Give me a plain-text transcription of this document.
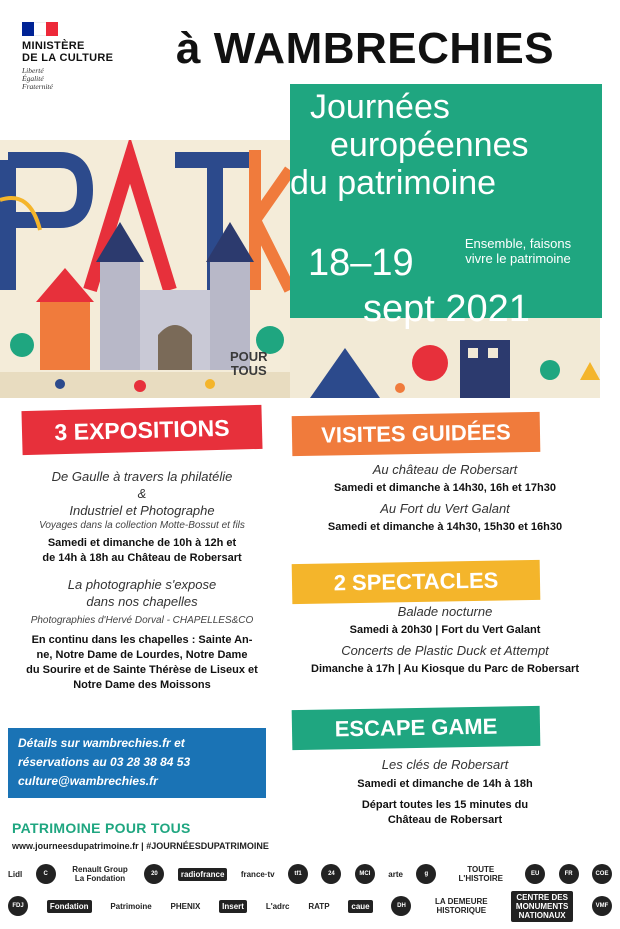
MINISTÈRE
DE LA CULTURE
Liberté
Égalité
Fraternité
à WAMBRECHIES
POUR
TOUS
Journées
européennes
du patrimoine
Ensemble, faisons
vivre le patrimoine
18–19
sept 2021
3 EXPOSITIONS	VISITES GUIDÉES
2 SPECTACLES
ESCAPE GAME
De Gaulle à travers la philatélie
&
Industriel et Photographe
Voyages dans la collection Motte-Bossut et fils
Samedi et dimanche de 10h à 12h et
de 14h à 18h au Château de Robersart
La photographie s'expose
dans nos chapelles
Photographies d'Hervé Dorval - CHAPELLES&CO
En continu dans les chapelles : Sainte An-
ne, Notre Dame de Lourdes, Notre Dame
du Sourire et de Sainte Thérèse de Liseux et
Notre Dame des Moissons
Détails sur wambrechies.fr et
réservations au 03 28 38 84 53
culture@wambrechies.fr
Au château de Robersart
Samedi et dimanche à 14h30, 16h et 17h30
Au Fort du Vert Galant
Samedi et dimanche à 14h30, 15h30 et 16h30
Balade nocturne
Samedi à 20h30 | Fort du Vert Galant
Concerts de Plastic Duck et Attempt
Dimanche à 17h | Au Kiosque du Parc de Robersart
Les clés de Robersart
Samedi et dimanche de 14h à 18h
Départ toutes les 15 minutes du
Château de Robersart
PATRIMOINE POUR TOUS
www.journeesdupatrimoine.fr | #JOURNÉESDUPATRIMOINE
Lidl	C	Renault Group La Fondation
20	radiofrance	france·tv	tf1	24	MCI	arte	g	TOUTE L'HISTOIRE
EU	FR	COE
FDJ	Fondation	Patrimoine PHENIX	Insert	L'adrc RATP	caue	DH	LA DEMEURE HISTORIQUE
CENTRE DES MONUMENTS NATIONAUX
VMF
